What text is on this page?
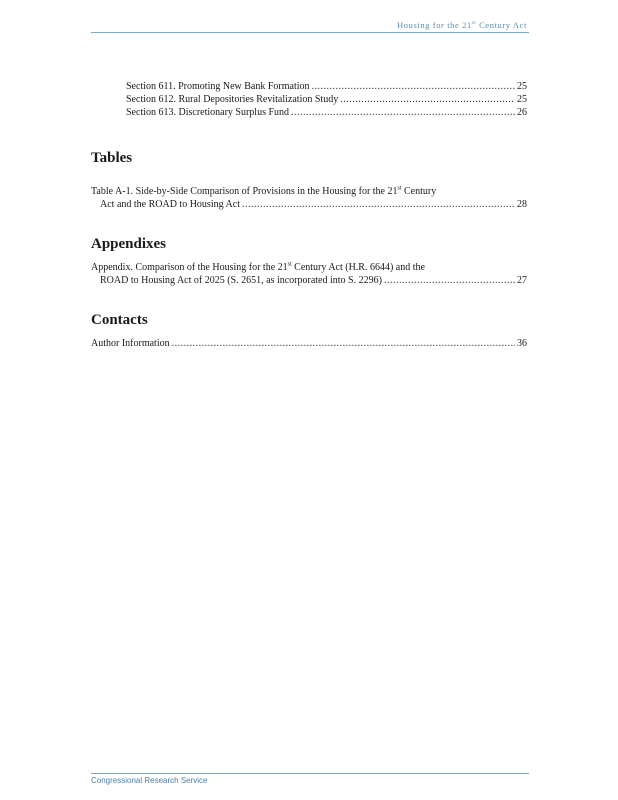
Housing for the 21st Century Act
Section 611. Promoting New Bank Formation .....	25
Section 612. Rural Depositories Revitalization Study .....	25
Section 613. Discretionary Surplus Fund .....	26
Tables
Table A-1. Side-by-Side Comparison of Provisions in the Housing for the 21st Century
Act and the ROAD to Housing Act .....	28
Appendixes
Appendix. Comparison of the Housing for the 21st Century Act (H.R. 6644) and the
ROAD to Housing Act of 2025 (S. 2651, as incorporated into S. 2296) .....	27
Contacts
Author Information .....	36
Congressional Research Service
